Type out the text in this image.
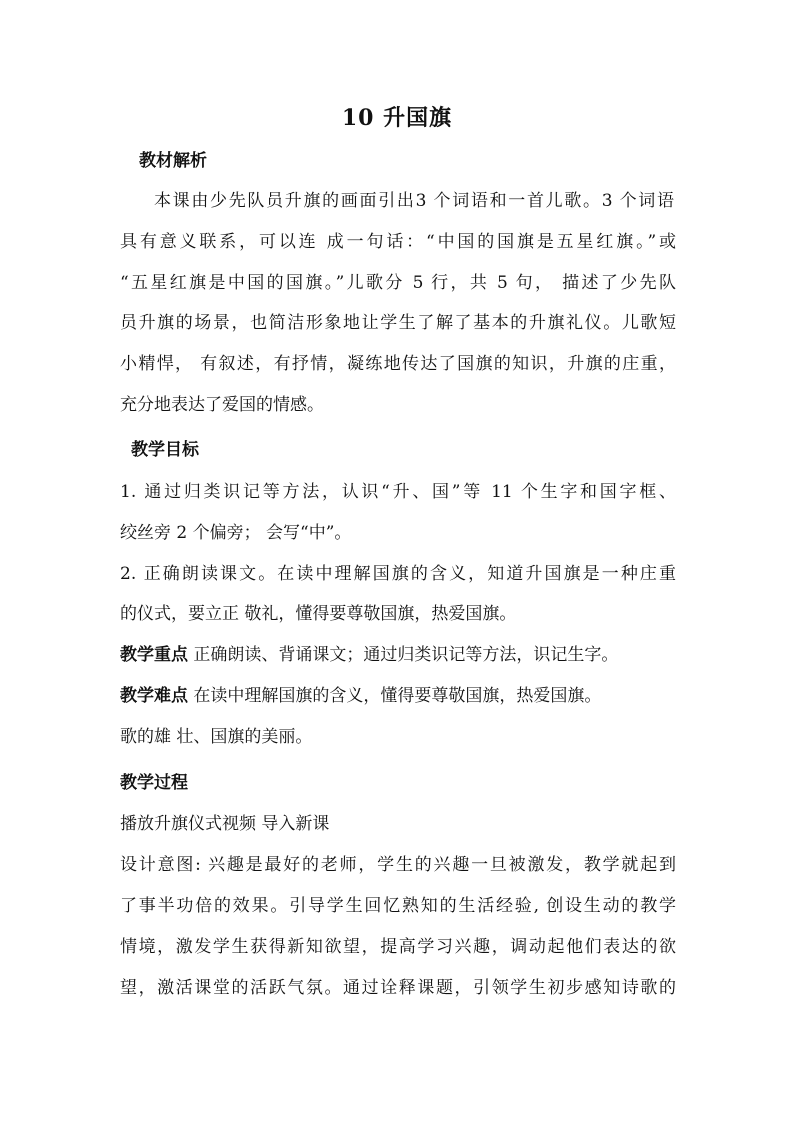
10 升国旗
教材解析
本课由少先队员升旗的画面引出3 个词语和一首儿歌。3 个词语
具有意义联系，可以连 成一句话：“中国的国旗是五星红旗。”或
“五星红旗是中国的国旗。”儿歌分 5 行，共 5 句， 描述了少先队
员升旗的场景，也简洁形象地让学生了解了基本的升旗礼仪。儿歌短
小精悍， 有叙述，有抒情，凝练地传达了国旗的知识，升旗的庄重，
充分地表达了爱国的情感。
教学目标
1. 通过归类识记等方法，认识“升、国”等 11 个生字和国字框、
绞丝旁 2 个偏旁； 会写“中”。
2. 正确朗读课文。在读中理解国旗的含义，知道升国旗是一种庄重
的仪式，要立正 敬礼，懂得要尊敬国旗，热爱国旗。
教学重点 正确朗读、背诵课文；通过归类识记等方法，识记生字。
教学难点 在读中理解国旗的含义，懂得要尊敬国旗，热爱国旗。
歌的雄 壮、国旗的美丽。
教学过程
播放升旗仪式视频 导入新课
设计意图: 兴趣是最好的老师，学生的兴趣一旦被激发，教学就起到
了事半功倍的效果。引导学生回忆熟知的生活经验, 创设生动的教学
情境，激发学生获得新知欲望，提高学习兴趣，调动起他们表达的欲
望，激活课堂的活跃气氛。通过诠释课题，引领学生初步感知诗歌的
